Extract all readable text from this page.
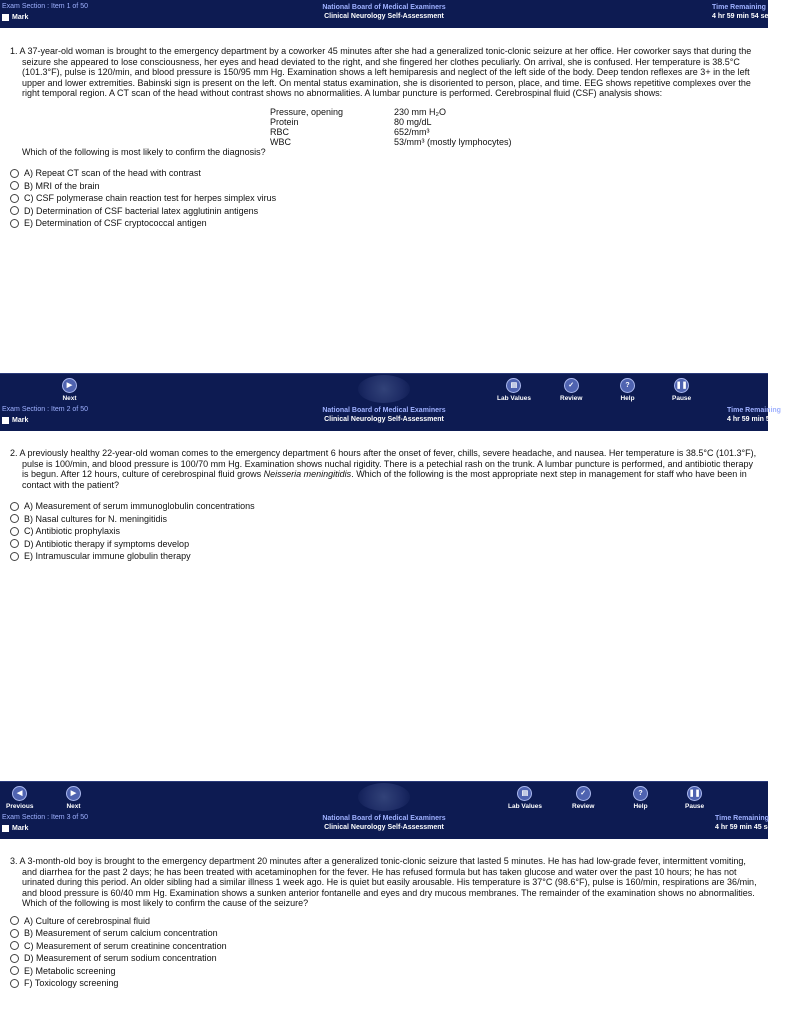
Exam Section : Item 1 of 50
Mark
National Board of Medical Examiners
Clinical Neurology Self-Assessment
Time Remaining
4 hr 59 min 54 sec

1. A 37-year-old woman is brought to the emergency department by a coworker 45 minutes after she had a generalized tonic-clonic seizure at her office. Her coworker says that during the seizure she appeared to lose consciousness, her eyes and head deviated to the right, and she fingered her clothes peculiarly. On arrival, she is confused. Her temperature is 38.5°C (101.3°F), pulse is 120/min, and blood pressure is 150/95 mm Hg. Examination shows a left hemiparesis and neglect of the left side of the body. Deep tendon reflexes are 3+ in the left upper and lower extremities. Babinski sign is present on the left. On mental status examination, she is disoriented to person, place, and time. EEG shows repetitive complexes over the right temporal region. A CT scan of the head without contrast shows no abnormalities. A lumbar puncture is performed. Cerebrospinal fluid (CSF) analysis shows:

Pressure, opening	230 mm H₂O
Protein	80 mg/dL
RBC	652/mm³
WBC	53/mm³ (mostly lymphocytes)

Which of the following is most likely to confirm the diagnosis?

A) Repeat CT scan of the head with contrast
B) MRI of the brain
C) CSF polymerase chain reaction test for herpes simplex virus
D) Determination of CSF bacterial latex agglutinin antigens
E) Determination of CSF cryptococcal antigen
▶
Next
▤
Lab Values
✓
Review
?
Help
❚❚
Pause
Exam Section : Item 2 of 50
Mark
National Board of Medical Examiners
Clinical Neurology Self-Assessment
Time Remaining
4 hr 59 min 52 sec

2. A previously healthy 22-year-old woman comes to the emergency department 6 hours after the onset of fever, chills, severe headache, and nausea. Her temperature is 38.5°C (101.3°F), pulse is 100/min, and blood pressure is 100/70 mm Hg. Examination shows nuchal rigidity. There is a petechial rash on the trunk. A lumbar puncture is performed, and antibiotic therapy is begun. After 12 hours, culture of cerebrospinal fluid grows Neisseria meningitidis. Which of the following is the most appropriate next step in management for staff who have been in contact with the patient?

A) Measurement of serum immunoglobulin concentrations
B) Nasal cultures for N. meningitidis
C) Antibiotic prophylaxis
D) Antibiotic therapy if symptoms develop
E) Intramuscular immune globulin therapy
◀
Previous
▶
Next
▤
Lab Values
✓
Review
?
Help
❚❚
Pause
Exam Section : Item 3 of 50
Mark
National Board of Medical Examiners
Clinical Neurology Self-Assessment
Time Remaining
4 hr 59 min 45 sec

3. A 3-month-old boy is brought to the emergency department 20 minutes after a generalized tonic-clonic seizure that lasted 5 minutes. He has had low-grade fever, intermittent vomiting, and diarrhea for the past 2 days; he has been treated with acetaminophen for the fever. He has refused formula but has taken glucose and water over the past 10 hours; he has not urinated during this period. An older sibling had a similar illness 1 week ago. He is quiet but easily arousable. His temperature is 37°C (98.6°F), pulse is 160/min, respirations are 36/min, and blood pressure is 60/40 mm Hg. Examination shows a sunken anterior fontanelle and eyes and dry mucous membranes. The remainder of the examination shows no abnormalities. Which of the following is most likely to confirm the cause of the seizure?

A) Culture of cerebrospinal fluid
B) Measurement of serum calcium concentration
C) Measurement of serum creatinine concentration
D) Measurement of serum sodium concentration
E) Metabolic screening
F) Toxicology screening
